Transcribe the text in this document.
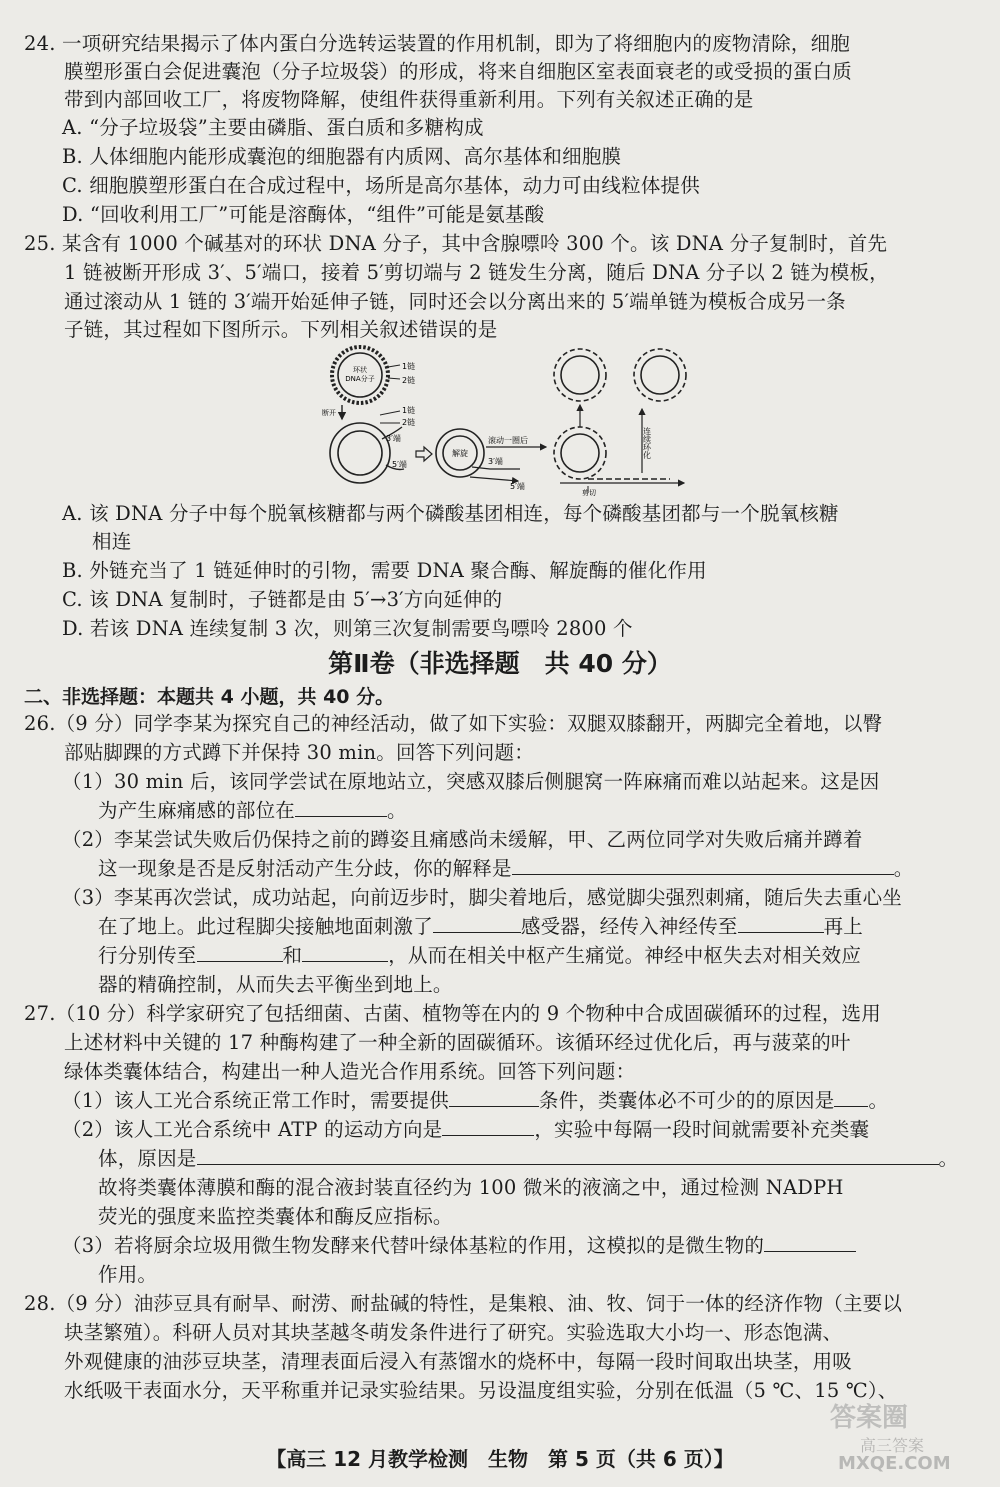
24. 一项研究结果揭示了体内蛋白分选转运装置的作用机制，即为了将细胞内的废物清除，细胞
膜塑形蛋白会促进囊泡（分子垃圾袋）的形成，将来自细胞区室表面衰老的或受损的蛋白质
带到内部回收工厂，将废物降解，使组件获得重新利用。下列有关叙述正确的是
A. “分子垃圾袋”主要由磷脂、蛋白质和多糖构成
B. 人体细胞内能形成囊泡的细胞器有内质网、高尔基体和细胞膜
C. 细胞膜塑形蛋白在合成过程中，场所是高尔基体，动力可由线粒体提供
D. “回收利用工厂”可能是溶酶体，“组件”可能是氨基酸
25. 某含有 1000 个碱基对的环状 DNA 分子，其中含腺嘌呤 300 个。该 DNA 分子复制时，首先
1 链被断开形成 3′、5′端口，接着 5′剪切端与 2 链发生分离，随后 DNA 分子以 2 链为模板，
通过滚动从 1 链的 3′端开始延伸子链，同时还会以分离出来的 5′端单链为模板合成另一条
子链，其过程如下图所示。下列相关叙述错误的是
环状
DNA分子
1链
2链
断开	1链
2链
3′端
5′端
解旋
3′端
5′端
滚动一圈后
剪切
连续环化
A. 该 DNA 分子中每个脱氧核糖都与两个磷酸基团相连，每个磷酸基团都与一个脱氧核糖
相连
B. 外链充当了 1 链延伸时的引物，需要 DNA 聚合酶、解旋酶的催化作用
C. 该 DNA 复制时，子链都是由 5′→3′方向延伸的
D. 若该 DNA 连续复制 3 次，则第三次复制需要鸟嘌呤 2800 个
第Ⅱ卷（非选择题　共 40 分）
二、非选择题：本题共 4 小题，共 40 分。
26.（9 分）同学李某为探究自己的神经活动，做了如下实验：双腿双膝翻开，两脚完全着地，以臀
部贴脚踝的方式蹲下并保持 30 min。回答下列问题：
（1）30 min 后，该同学尝试在原地站立，突感双膝后侧腿窝一阵麻痛而难以站起来。这是因
为产生麻痛感的部位在	。
（2）李某尝试失败后仍保持之前的蹲姿且痛感尚未缓解，甲、乙两位同学对失败后痛并蹲着
这一现象是否是反射活动产生分歧，你的解释是	。
（3）李某再次尝试，成功站起，向前迈步时，脚尖着地后，感觉脚尖强烈刺痛，随后失去重心坐
在了地上。此过程脚尖接触地面刺激了	感受器，经传入神经传至	再上
行分别传至	和	，从而在相关中枢产生痛觉。神经中枢失去对相关效应
器的精确控制，从而失去平衡坐到地上。
27.（10 分）科学家研究了包括细菌、古菌、植物等在内的 9 个物种中合成固碳循环的过程，选用
上述材料中关键的 17 种酶构建了一种全新的固碳循环。该循环经过优化后，再与菠菜的叶
绿体类囊体结合，构建出一种人造光合作用系统。回答下列问题：
（1）该人工光合系统正常工作时，需要提供	条件，类囊体必不可少的的原因是 。
（2）该人工光合系统中 ATP 的运动方向是	，实验中每隔一段时间就需要补充类囊
体，原因是	。
故将类囊体薄膜和酶的混合液封装直径约为 100 微米的液滴之中，通过检测 NADPH
荧光的强度来监控类囊体和酶反应指标。
（3）若将厨余垃圾用微生物发酵来代替叶绿体基粒的作用，这模拟的是微生物的
作用。
28.（9 分）油莎豆具有耐旱、耐涝、耐盐碱的特性，是集粮、油、牧、饲于一体的经济作物（主要以
块茎繁殖）。科研人员对其块茎越冬萌发条件进行了研究。实验选取大小均一、形态饱满、
外观健康的油莎豆块茎，清理表面后浸入有蒸馏水的烧杯中，每隔一段时间取出块茎，用吸
水纸吸干表面水分，天平称重并记录实验结果。另设温度组实验，分别在低温（5 ℃、15 ℃）、
【高三 12 月教学检测　生物　第 5 页（共 6 页）】
答案圈
高三答案
MXQE.COM
